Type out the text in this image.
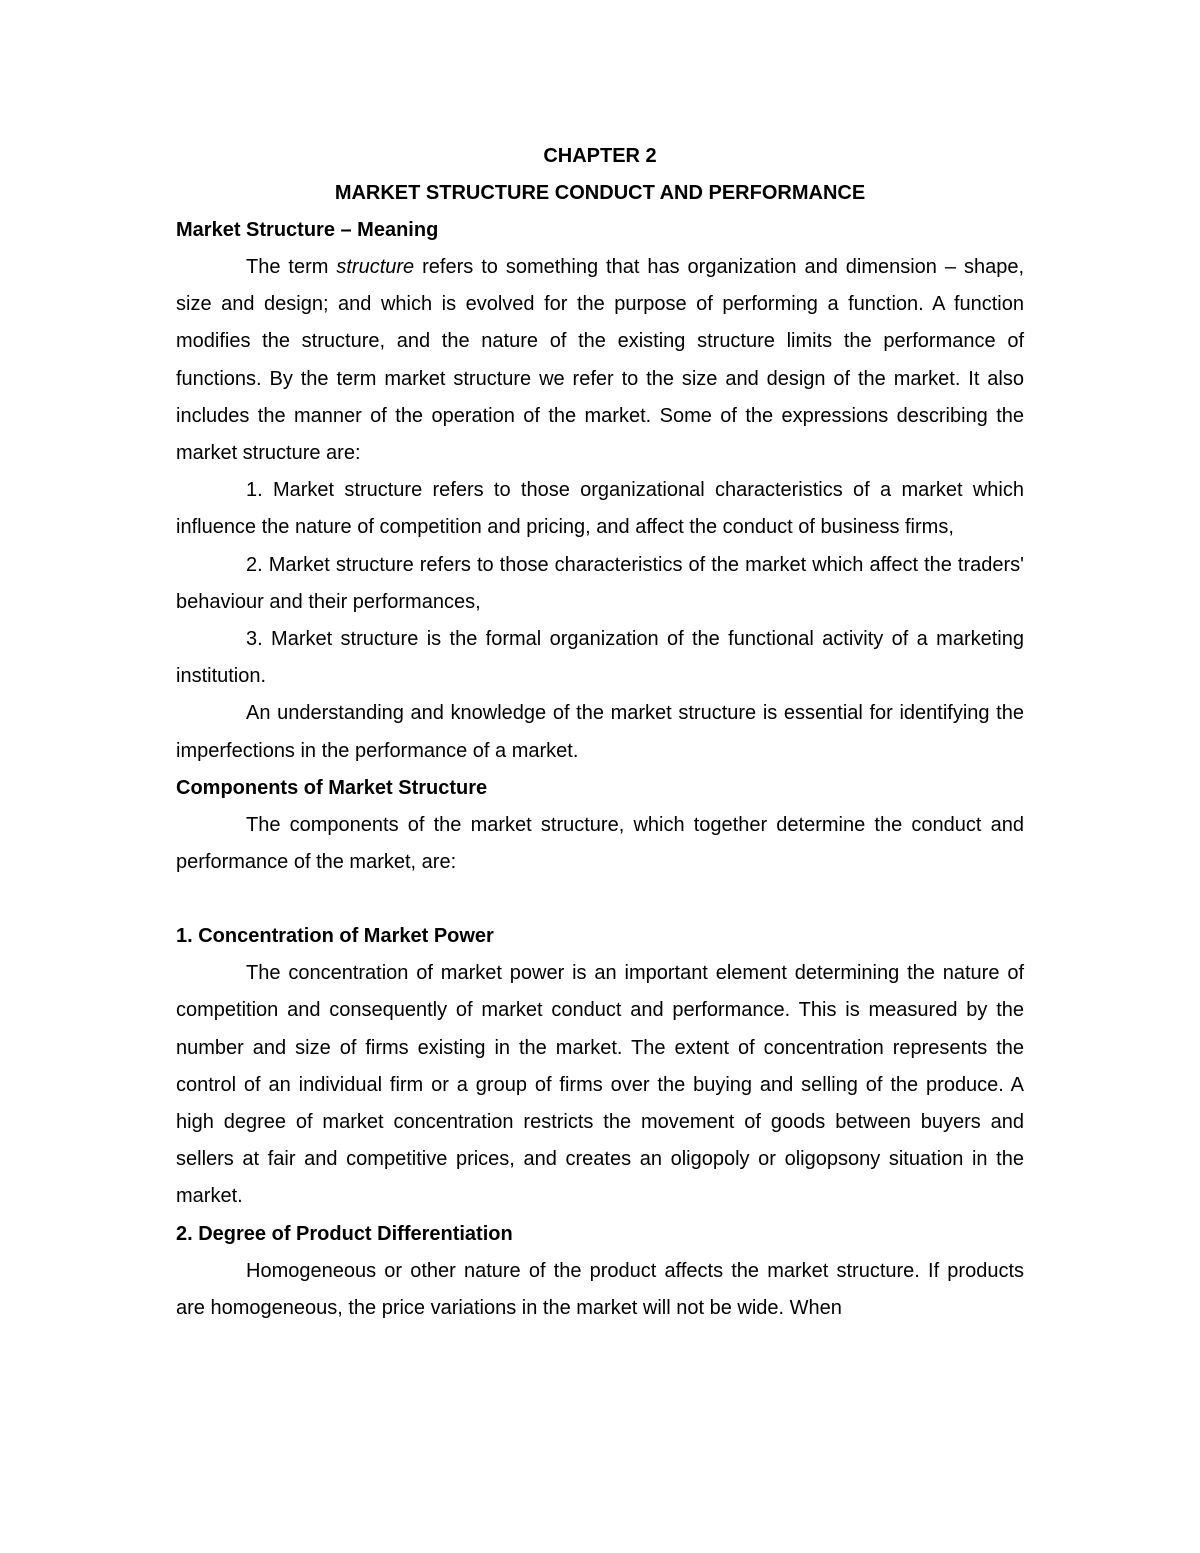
CHAPTER 2
MARKET STRUCTURE CONDUCT AND PERFORMANCE
Market Structure – Meaning

The term structure refers to something that has organization and dimension – shape, size and design; and which is evolved for the purpose of performing a function. A function modifies the structure, and the nature of the existing structure limits the performance of functions. By the term market structure we refer to the size and design of the market. It also includes the manner of the operation of the market. Some of the expressions describing the market structure are:

1. Market structure refers to those organizational characteristics of a market which influence the nature of competition and pricing, and affect the conduct of business firms,

2. Market structure refers to those characteristics of the market which affect the traders' behaviour and their performances,

3. Market structure is the formal organization of the functional activity of a marketing institution.

An understanding and knowledge of the market structure is essential for identifying the imperfections in the performance of a market.

Components of Market Structure

The components of the market structure, which together determine the conduct and performance of the market, are:

1. Concentration of Market Power

The concentration of market power is an important element determining the nature of competition and consequently of market conduct and performance. This is measured by the number and size of firms existing in the market. The extent of concentration represents the control of an individual firm or a group of firms over the buying and selling of the produce. A high degree of market concentration restricts the movement of goods between buyers and sellers at fair and competitive prices, and creates an oligopoly or oligopsony situation in the market.

2. Degree of Product Differentiation

Homogeneous or other nature of the product affects the market structure. If products are homogeneous, the price variations in the market will not be wide. When
